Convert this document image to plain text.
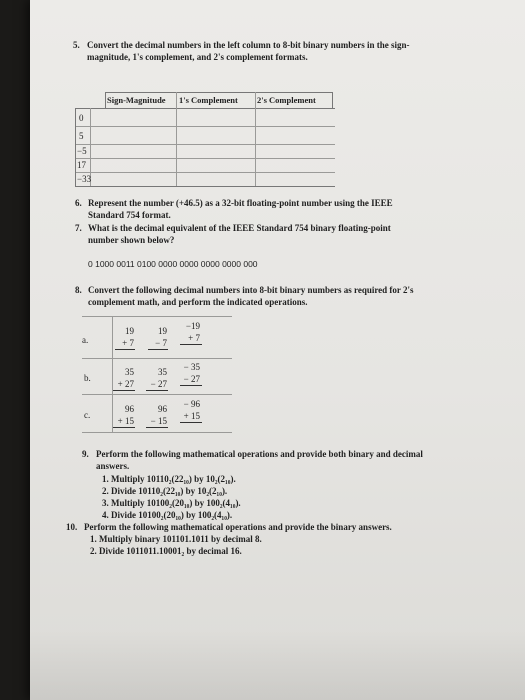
5. Convert the decimal numbers in the left column to 8-bit binary numbers in the sign-
magnitude, 1's complement, and 2's complement formats.
Sign-Magnitude 1's Complement 2's Complement
0
5
−5
17
−33
6. Represent the number (+46.5) as a 32-bit floating-point number using the IEEE
Standard 754 format.
7. What is the decimal equivalent of the IEEE Standard 754 binary floating-point
number shown below?
0 1000 0011 0100 0000 0000 0000 0000 000
8. Convert the following decimal numbers into 8-bit binary numbers as required for 2's
complement math, and perform the indicated operations.
a.
19
+ 7
19
− 7
−19
+ 7
b.
35
+ 27
35
− 27
− 35
− 27
c.
96
+ 15
96
− 15
− 96
+ 15
9. Perform the following mathematical operations and provide both binary and decimal
answers.
1. Multiply 10110₂(22₁₀) by 10₂(2₁₀).
2. Divide 10110₂(22₁₀) by 10₂(2₁₀).
3. Multiply 10100₂(20₁₀) by 100₂(4₁₀).
4. Divide 10100₂(20₁₀) by 100₂(4₁₀).
10. Perform the following mathematical operations and provide the binary answers.
1. Multiply binary 101101.1011 by decimal 8.
2. Divide 1011011.10001₂ by decimal 16.
